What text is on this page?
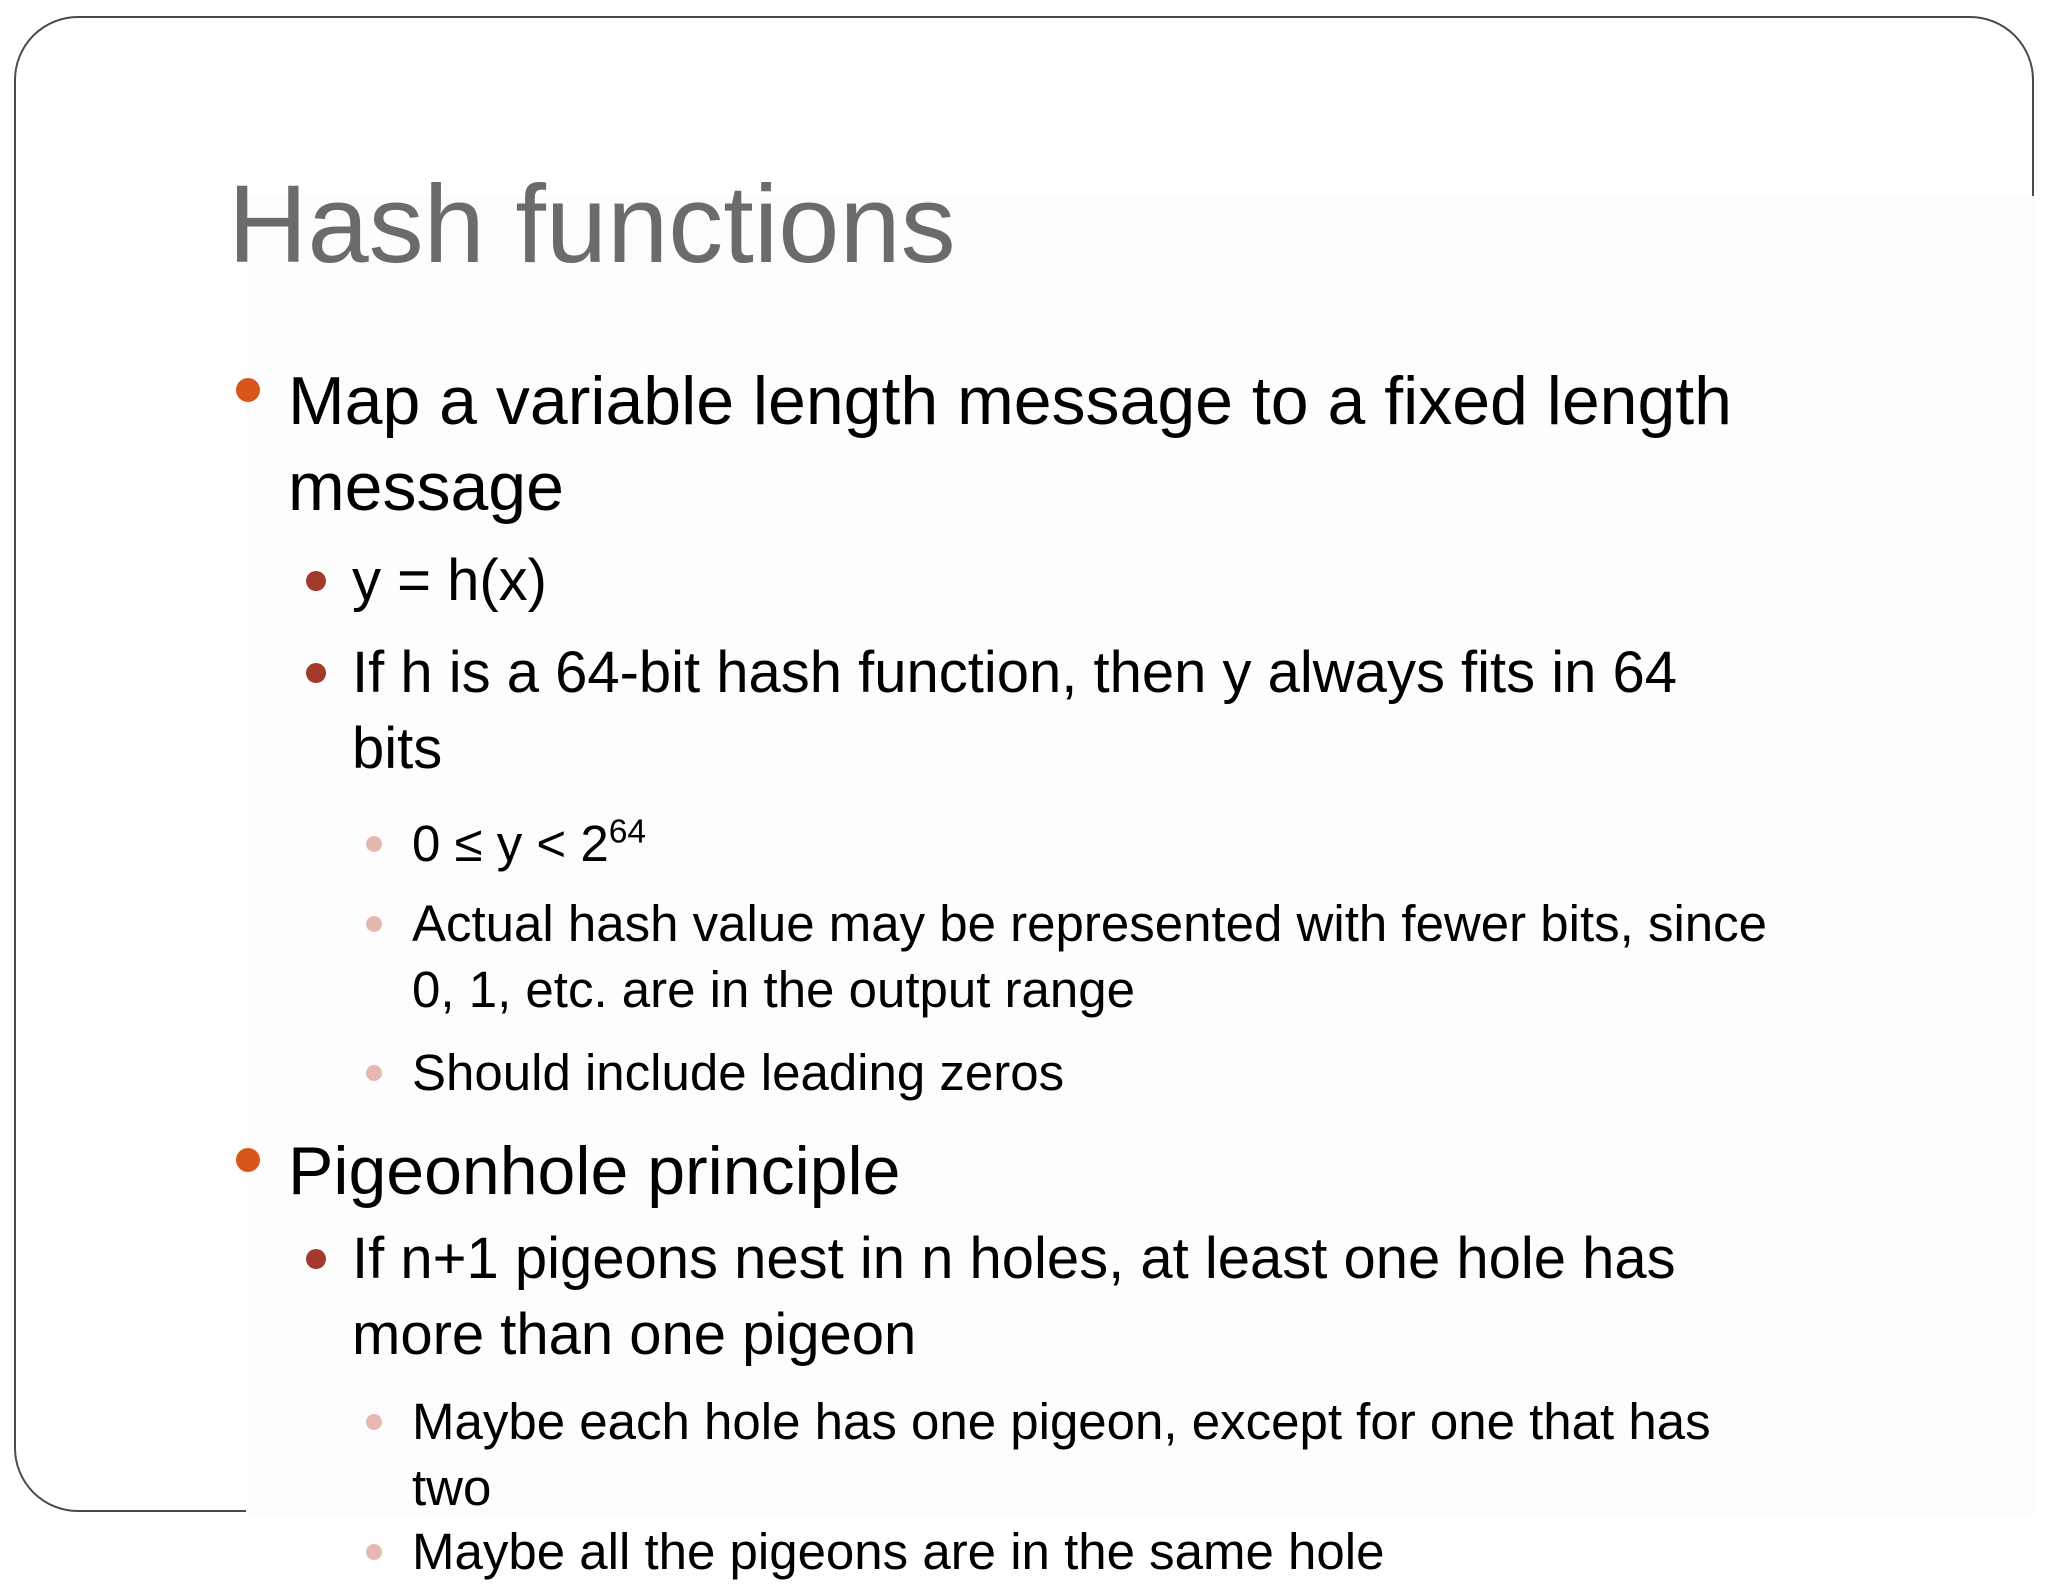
Hash functions
Map a variable length message to a fixed length
message
y = h(x)
If h is a 64-bit hash function, then y always fits in 64
bits
$0 \le y < 2^{64}$
Actual hash value may be represented with fewer bits, since
0, 1, etc. are in the output range
Should include leading zeros
Pigeonhole principle
If n+1 pigeons nest in n holes, at least one hole has
more than one pigeon
Maybe each hole has one pigeon, except for one that has
two
Maybe all the pigeons are in the same hole
